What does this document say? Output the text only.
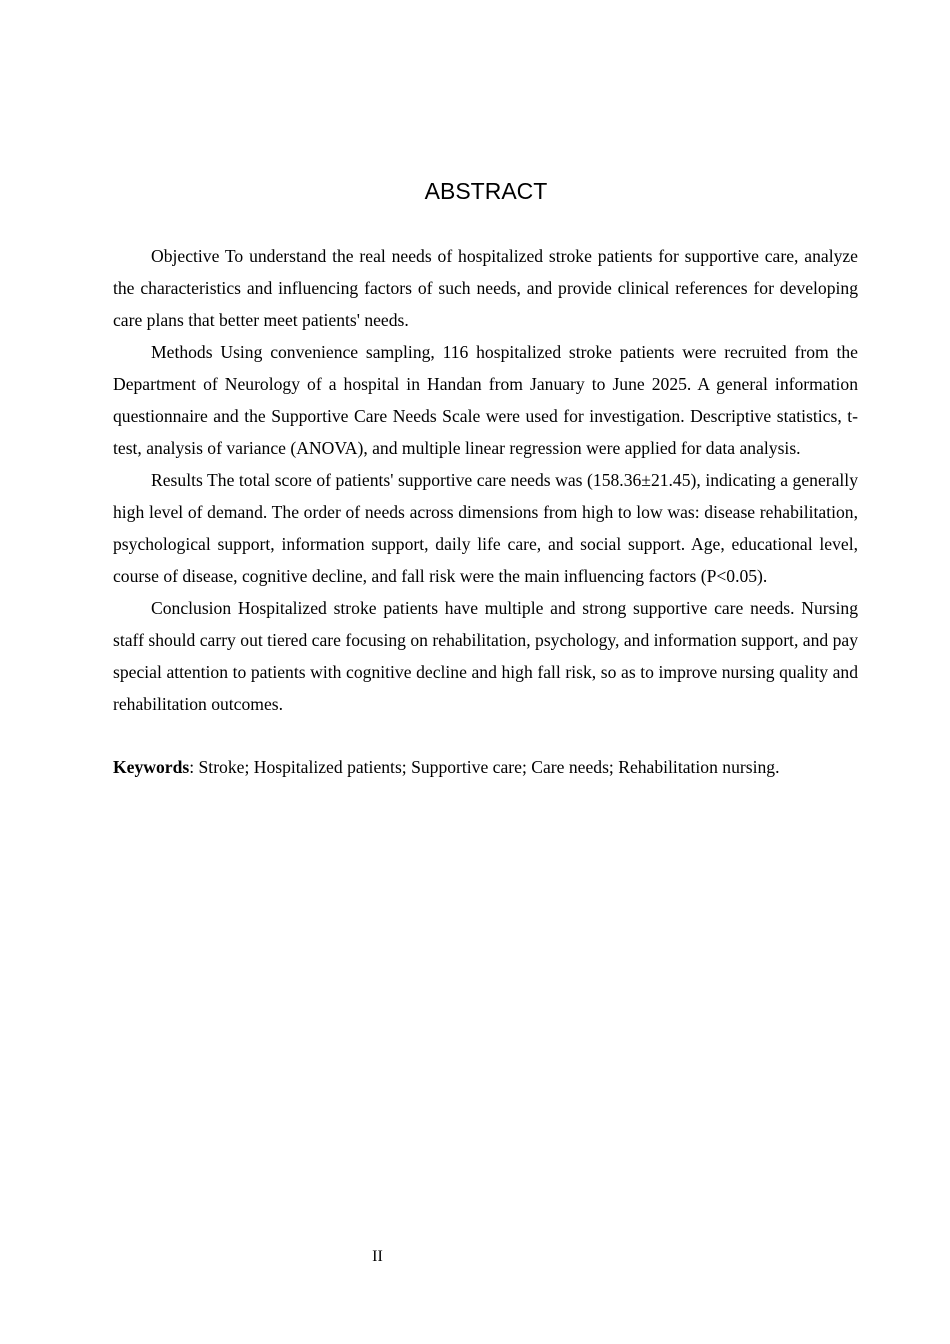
ABSTRACT

Objective To understand the real needs of hospitalized stroke patients for supportive care, analyze the characteristics and influencing factors of such needs, and provide clinical references for developing care plans that better meet patients' needs.

Methods Using convenience sampling, 116 hospitalized stroke patients were recruited from the Department of Neurology of a hospital in Handan from January to June 2025. A general information questionnaire and the Supportive Care Needs Scale were used for investigation. Descriptive statistics, t-test, analysis of variance (ANOVA), and multiple linear regression were applied for data analysis.

Results The total score of patients' supportive care needs was (158.36±21.45), indicating a generally high level of demand. The order of needs across dimensions from high to low was: disease rehabilitation, psychological support, information support, daily life care, and social support. Age, educational level, course of disease, cognitive decline, and fall risk were the main influencing factors (P<0.05).

Conclusion Hospitalized stroke patients have multiple and strong supportive care needs. Nursing staff should carry out tiered care focusing on rehabilitation, psychology, and information support, and pay special attention to patients with cognitive decline and high fall risk, so as to improve nursing quality and rehabilitation outcomes.

Keywords: Stroke; Hospitalized patients; Supportive care; Care needs; Rehabilitation nursing.

II
